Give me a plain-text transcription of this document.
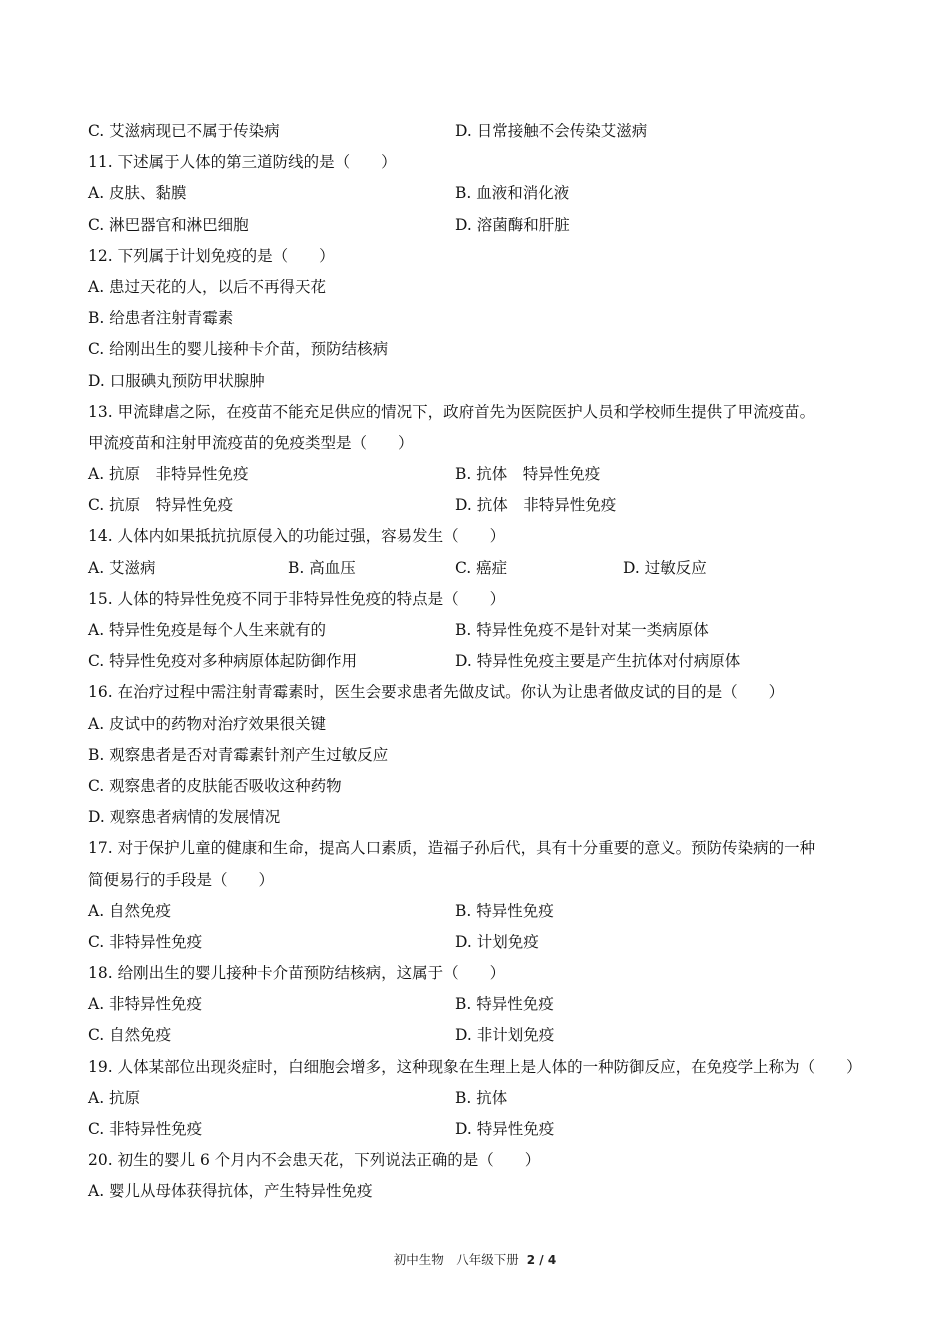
C. 艾滋病现已不属于传染病	D. 日常接触不会传染艾滋病
11. 下述属于人体的第三道防线的是（　　）
A. 皮肤、黏膜	B. 血液和消化液
C. 淋巴器官和淋巴细胞	D. 溶菌酶和肝脏
12. 下列属于计划免疫的是（　　）
A. 患过天花的人，以后不再得天花
B. 给患者注射青霉素
C. 给刚出生的婴儿接种卡介苗，预防结核病
D. 口服碘丸预防甲状腺肿
13. 甲流肆虐之际，在疫苗不能充足供应的情况下，政府首先为医院医护人员和学校师生提供了甲流疫苗。
甲流疫苗和注射甲流疫苗的免疫类型是（　　）
A. 抗原　非特异性免疫	B. 抗体　特异性免疫
C. 抗原　特异性免疫	D. 抗体　非特异性免疫
14. 人体内如果抵抗抗原侵入的功能过强，容易发生（　　）
A. 艾滋病	B. 高血压	C. 癌症	D. 过敏反应
15. 人体的特异性免疫不同于非特异性免疫的特点是（　　）
A. 特异性免疫是每个人生来就有的	B. 特异性免疫不是针对某一类病原体
C. 特异性免疫对多种病原体起防御作用	D. 特异性免疫主要是产生抗体对付病原体
16. 在治疗过程中需注射青霉素时，医生会要求患者先做皮试。你认为让患者做皮试的目的是（　　）
A. 皮试中的药物对治疗效果很关键
B. 观察患者是否对青霉素针剂产生过敏反应
C. 观察患者的皮肤能否吸收这种药物
D. 观察患者病情的发展情况
17. 对于保护儿童的健康和生命，提高人口素质，造福子孙后代，具有十分重要的意义。预防传染病的一种
简便易行的手段是（　　）
A. 自然免疫	B. 特异性免疫
C. 非特异性免疫	D. 计划免疫
18. 给刚出生的婴儿接种卡介苗预防结核病，这属于（　　）
A. 非特异性免疫	B. 特异性免疫
C. 自然免疫	D. 非计划免疫
19. 人体某部位出现炎症时，白细胞会增多，这种现象在生理上是人体的一种防御反应，在免疫学上称为（　　）
A. 抗原	B. 抗体
C. 非特异性免疫	D. 特异性免疫
20. 初生的婴儿 6 个月内不会患天花，下列说法正确的是（　　）
A. 婴儿从母体获得抗体，产生特异性免疫
初中生物　八年级下册 2 / 4
